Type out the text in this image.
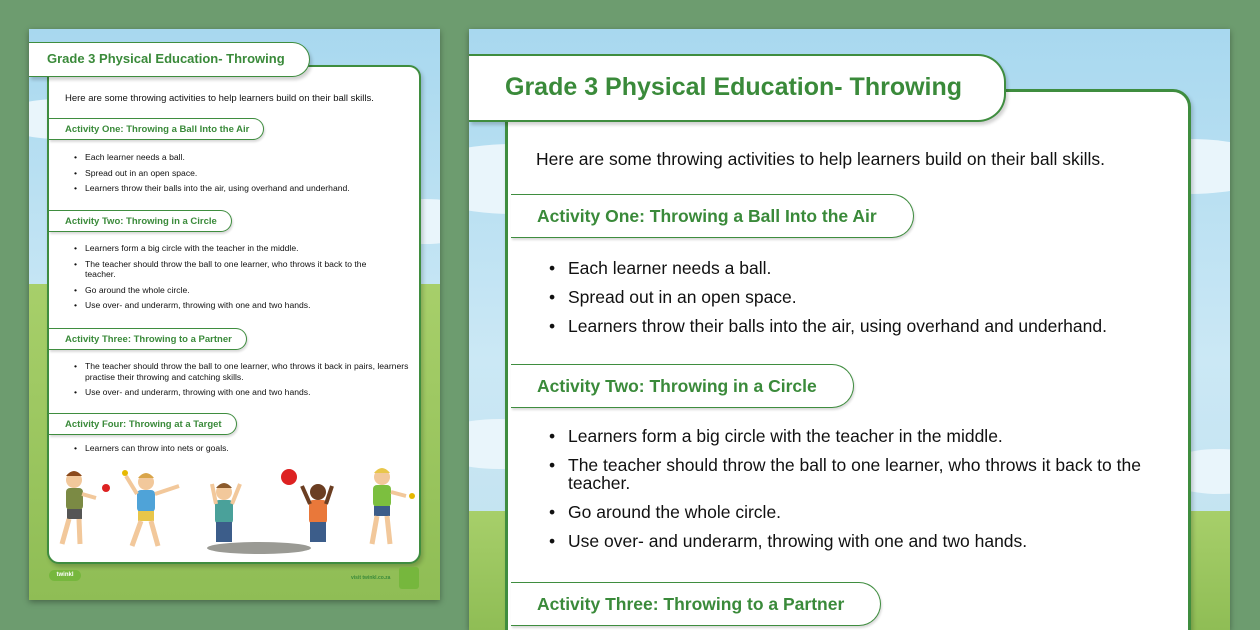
Grade 3 Physical Education- Throwing
Here are some throwing activities to help learners build on their ball skills.
Activity One: Throwing a Ball Into the Air
• Each learner needs a ball.
• Spread out in an open space.
• Learners throw their balls into the air, using overhand and underhand.
Activity Two: Throwing in a Circle
• Learners form a big circle with the teacher in the middle.
• The teacher should throw the ball to one learner, who throws it back to the teacher.
• Go around the whole circle.
• Use over- and underarm, throwing with one and two hands.
Activity Three: Throwing to a Partner
• The teacher should throw the ball to one learner, who throws it back in pairs, learners practise their throwing and catching skills.
• Use over- and underarm, throwing with one and two hands.
Activity Four: Throwing at a Target
• Learners can throw into nets or goals.
twinkl	visit twinkl.co.za
Grade 3 Physical Education- Throwing
Here are some throwing activities to help learners build on their ball skills.
Activity One: Throwing a Ball Into the Air
• Each learner needs a ball.
• Spread out in an open space.
• Learners throw their balls into the air, using overhand and underhand.
Activity Two: Throwing in a Circle
• Learners form a big circle with the teacher in the middle.
• The teacher should throw the ball to one learner, who throws it back to the teacher.
• Go around the whole circle.
• Use over- and underarm, throwing with one and two hands.
Activity Three: Throwing to a Partner
